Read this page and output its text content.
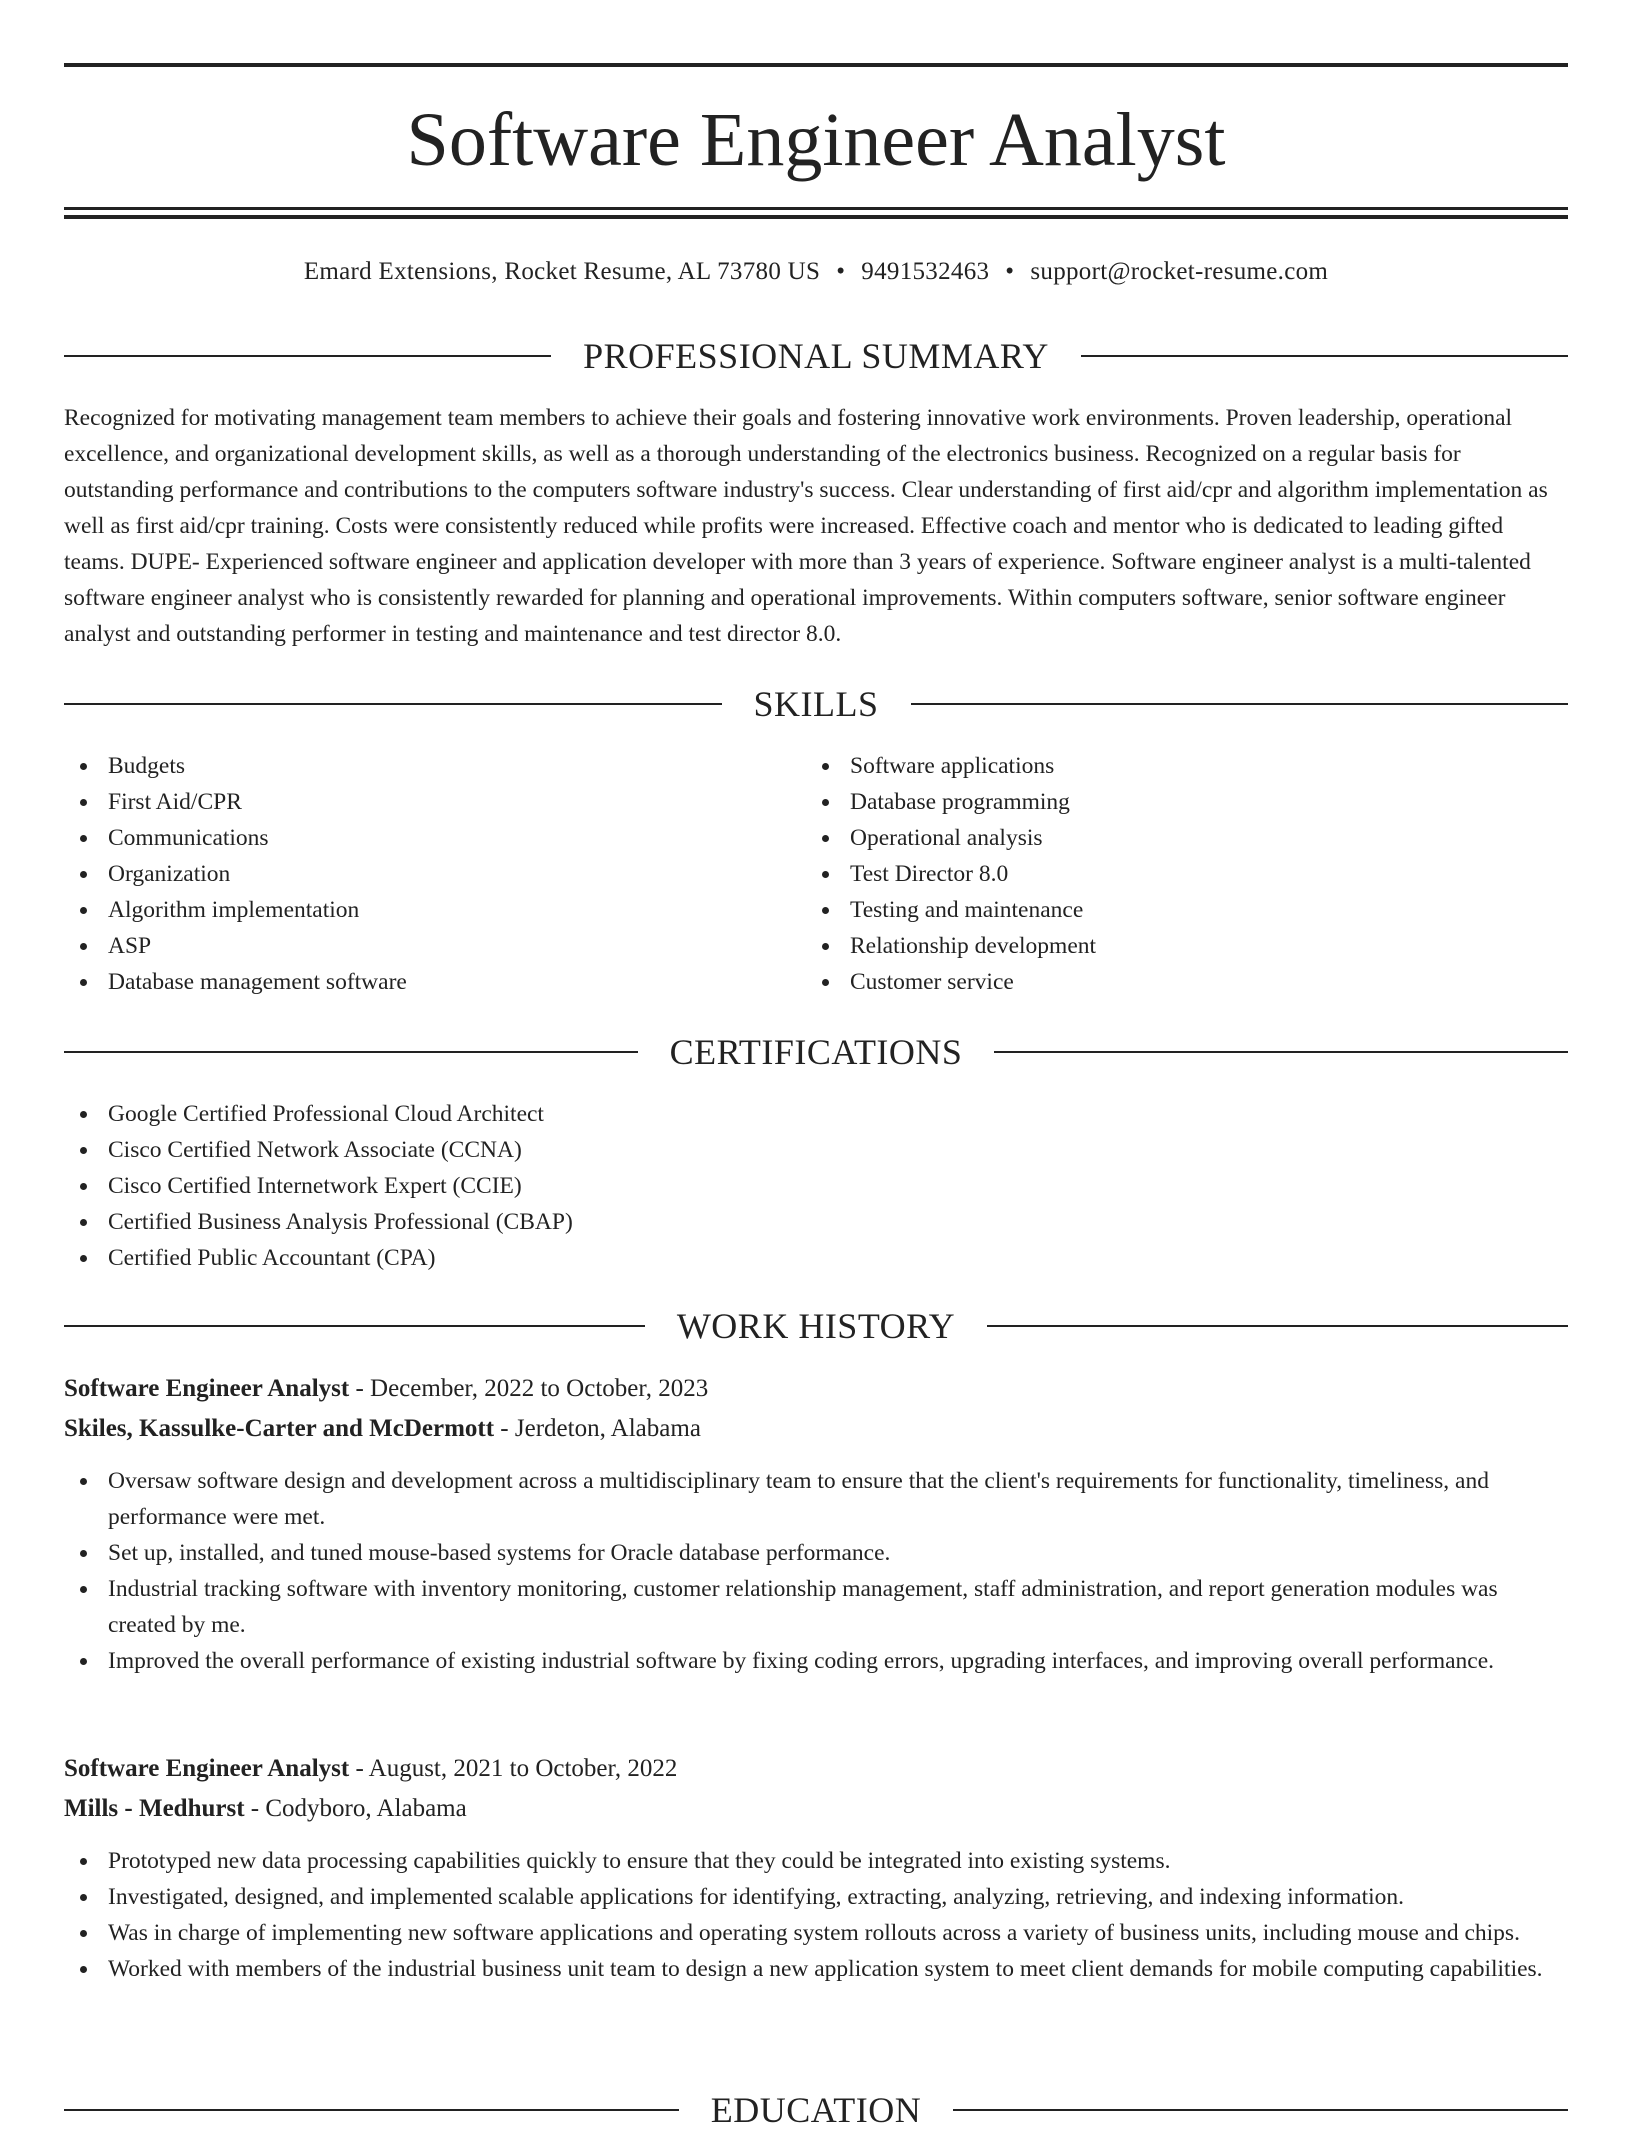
Software Engineer Analyst
Emard Extensions, Rocket Resume, AL 73780 US • 9491532463 • support@rocket-resume.com
PROFESSIONAL SUMMARY

Recognized for motivating management team members to achieve their goals and fostering innovative work environments. Proven leadership, operational excellence, and organizational development skills, as well as a thorough understanding of the electronics business. Recognized on a regular basis for outstanding performance and contributions to the computers software industry's success. Clear understanding of first aid/cpr and algorithm implementation as well as first aid/cpr training. Costs were consistently reduced while profits were increased. Effective coach and mentor who is dedicated to leading gifted teams. DUPE- Experienced software engineer and application developer with more than 3 years of experience. Software engineer analyst is a multi-talented software engineer analyst who is consistently rewarded for planning and operational improvements. Within computers software, senior software engineer analyst and outstanding performer in testing and maintenance and test director 8.0.

SKILLS
Budgets
First Aid/CPR
Communications
Organization
Algorithm implementation
ASP
Database management software
Software applications
Database programming
Operational analysis
Test Director 8.0
Testing and maintenance
Relationship development
Customer service
CERTIFICATIONS
Google Certified Professional Cloud Architect
Cisco Certified Network Associate (CCNA)
Cisco Certified Internetwork Expert (CCIE)
Certified Business Analysis Professional (CBAP)
Certified Public Accountant (CPA)
WORK HISTORY
Software Engineer Analyst - December, 2022 to October, 2023
Skiles, Kassulke-Carter and McDermott - Jerdeton, Alabama
Oversaw software design and development across a multidisciplinary team to ensure that the client's requirements for functionality, timeliness, and performance were met.
Set up, installed, and tuned mouse-based systems for Oracle database performance.
Industrial tracking software with inventory monitoring, customer relationship management, staff administration, and report generation modules was created by me.
Improved the overall performance of existing industrial software by fixing coding errors, upgrading interfaces, and improving overall performance.
Software Engineer Analyst - August, 2021 to October, 2022
Mills - Medhurst - Codyboro, Alabama
Prototyped new data processing capabilities quickly to ensure that they could be integrated into existing systems.
Investigated, designed, and implemented scalable applications for identifying, extracting, analyzing, retrieving, and indexing information.
Was in charge of implementing new software applications and operating system rollouts across a variety of business units, including mouse and chips.
Worked with members of the industrial business unit team to design a new application system to meet client demands for mobile computing capabilities.
EDUCATION
